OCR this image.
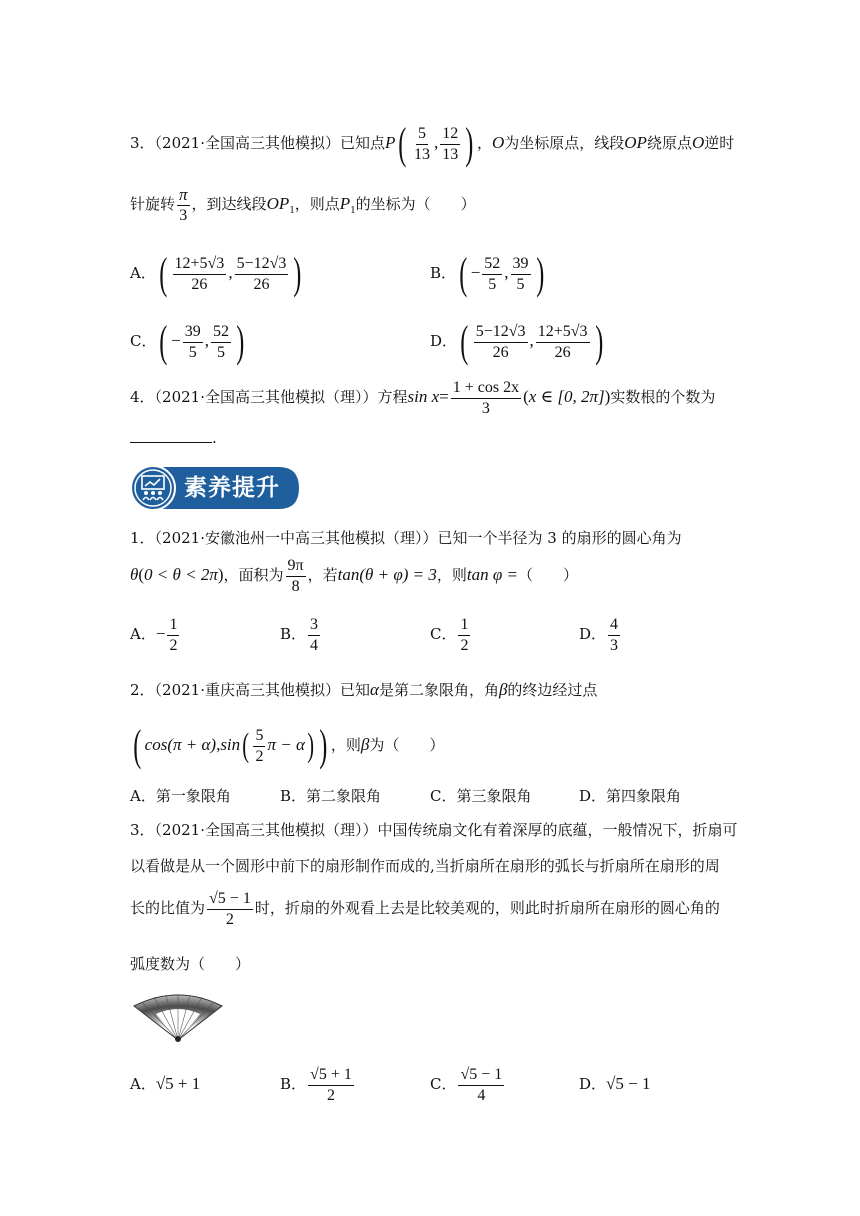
3．（2021·全国高三其他模拟）已知点$P( \frac{5}{13}$ , $\frac{12}{13}$ ) ，O为坐标原点，线段OP绕原点O逆时
针旋转 $\frac{\pi}{3}$ ，到达线段$OP_1$，则点$P_1$的坐标为（　　）
A．( $\frac{12+5√3}{26}$ , $\frac{5-12√3}{26}$ )	B．( − $\frac{52}{5}$ , $\frac{39}{5}$ )
C．( − $\frac{39}{5}$ , $\frac{52}{5}$ )	D．( $\frac{5-12√3}{26}$ , $\frac{12+5√3}{26}$ )
4．（2021·全国高三其他模拟（理））方程$\sin x= \frac{1 + \cos 2x}{3} (x$ ∈ [0, 2π])实数根的个数为
.
素养提升
1．（2021·安徽池州一中高三其他模拟（理））已知一个半径为 3 的扇形的圆心角为
θ(0 < θ < 2π)，面积为 $\frac{9\pi}{8}$ ，若tan(θ + φ) = 3，则tan φ =（　　）
A．− $\frac{1}{2}$	B． $\frac{3}{4}$	C． $\frac{1}{2}$	D． $\frac{4}{3}$
2．（2021·重庆高三其他模拟）已知α是第二象限角，角β的终边经过点
( $\cos(\pi + \alpha),\sin( \frac{5}{2}$ π − α) ) ，则β为（　　）
A．第一象限角	B．第二象限角	C．第三象限角	D．第四象限角
3．（2021·全国高三其他模拟（理））中国传统扇文化有着深厚的底蕴，一般情况下，折扇可
以看做是从一个圆形中前下的扇形制作而成的,当折扇所在扇形的弧长与折扇所在扇形的周
长的比值为 $\frac{√5 - 1}{2}$ 时，折扇的外观看上去是比较美观的，则此时折扇所在扇形的圆心角的
弧度数为（　　）
A．√5 + 1	B． $\frac{√5 + 1}{2}$	C． $\frac{√5 - 1}{4}$	D．√5 − 1
